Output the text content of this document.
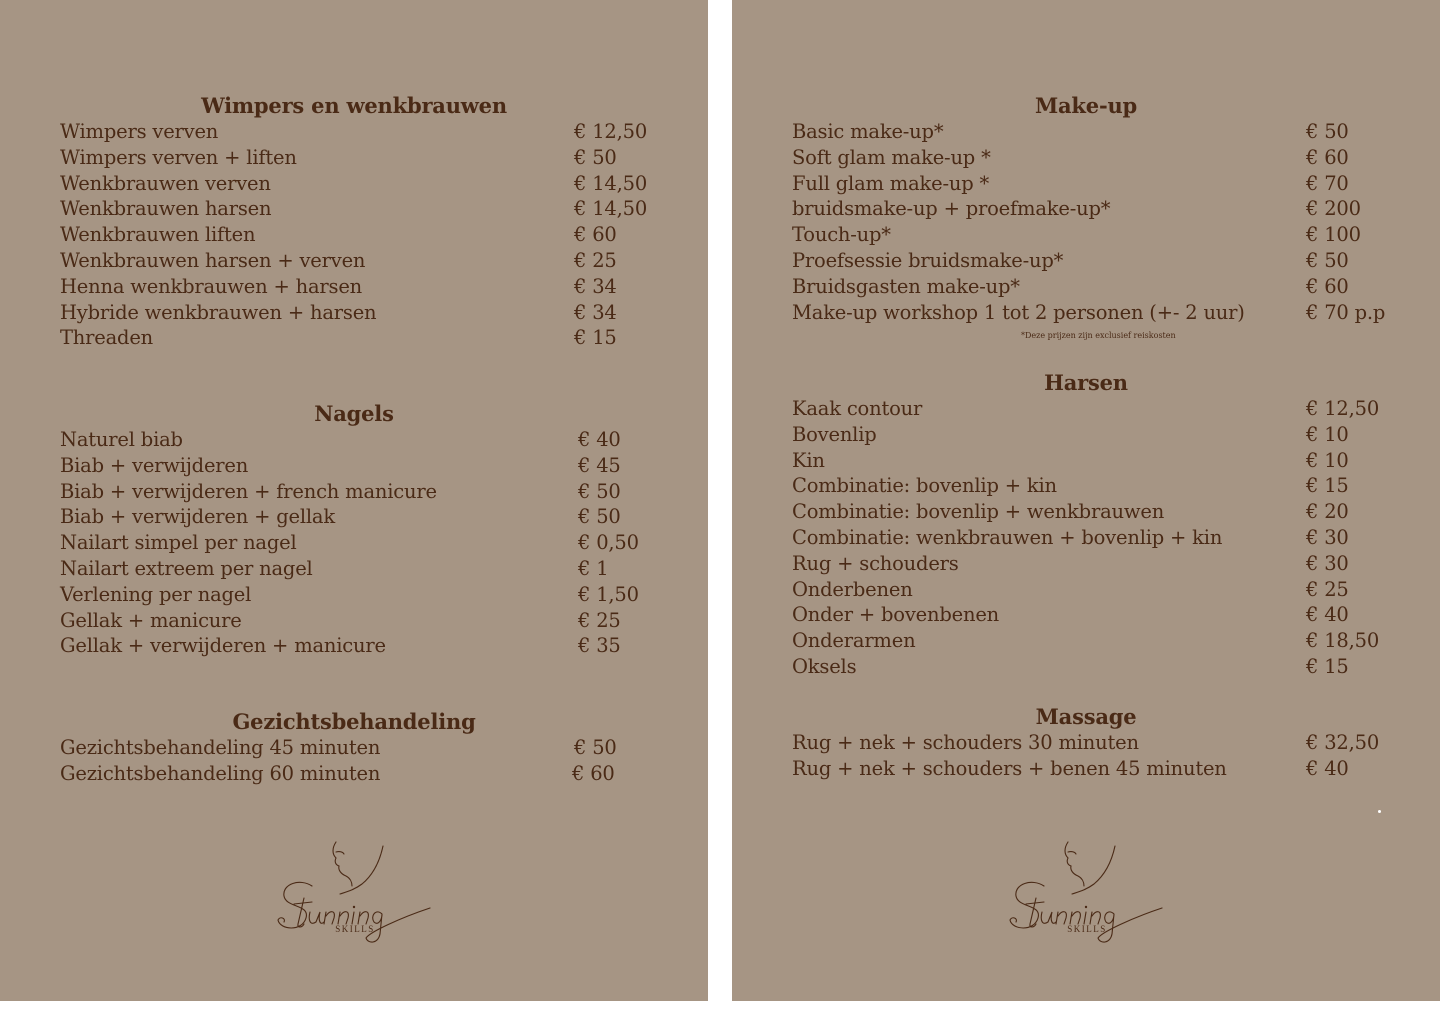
Wimpers en wenkbrauwen
Wimpers verven	€ 12,50
Wimpers verven + liften	€ 50
Wenkbrauwen verven	€ 14,50
Wenkbrauwen harsen	€ 14,50
Wenkbrauwen liften	€ 60
Wenkbrauwen harsen + verven	€ 25
Henna wenkbrauwen + harsen	€ 34
Hybride wenkbrauwen + harsen	€ 34
Threaden	€ 15
Nagels
Naturel biab	€ 40
Biab + verwijderen	€ 45
Biab + verwijderen + french manicure	€ 50
Biab + verwijderen + gellak	€ 50
Nailart simpel per nagel	€ 0,50
Nailart extreem per nagel	€ 1
Verlening per nagel	€ 1,50
Gellak + manicure	€ 25
Gellak + verwijderen + manicure	€ 35
Gezichtsbehandeling
Gezichtsbehandeling 45 minuten	€ 50
Gezichtsbehandeling 60 minuten	€ 60
SKILLS
Make-up
Basic make-up*	€ 50
Soft glam make-up *	€ 60
Full glam make-up *	€ 70
bruidsmake-up + proefmake-up*	€ 200
Touch-up*	€ 100
Proefsessie bruidsmake-up*	€ 50
Bruidsgasten make-up*	€ 60
Make-up workshop 1 tot 2 personen (+- 2 uur)	€ 70 p.p
*Deze prijzen zijn exclusief reiskosten
Harsen
Kaak contour	€ 12,50
Bovenlip	€ 10
Kin	€ 10
Combinatie: bovenlip + kin	€ 15
Combinatie: bovenlip + wenkbrauwen	€ 20
Combinatie: wenkbrauwen + bovenlip + kin	€ 30
Rug + schouders	€ 30
Onderbenen	€ 25
Onder + bovenbenen	€ 40
Onderarmen	€ 18,50
Oksels	€ 15
Massage
Rug + nek + schouders 30 minuten	€ 32,50
Rug + nek + schouders + benen 45 minuten	€ 40
SKILLS
